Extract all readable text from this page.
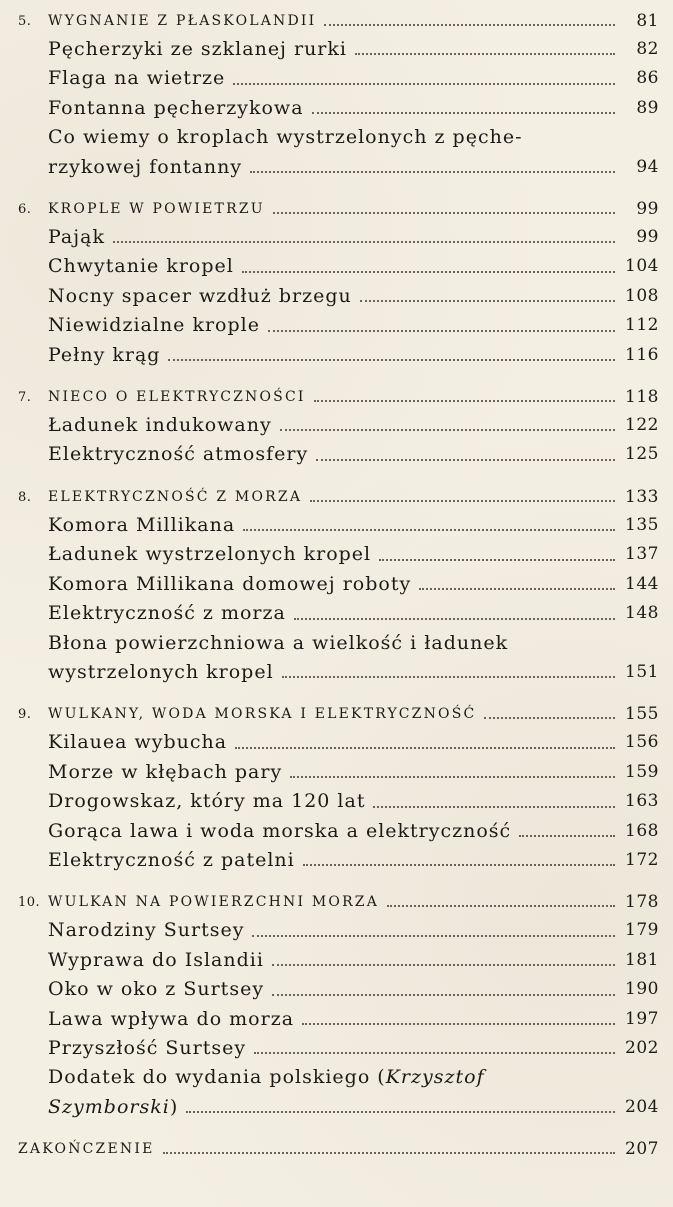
5.	WYGNANIE Z PŁASKOLANDII	81
Pęcherzyki ze szklanej rurki	82
Flaga na wietrze	86
Fontanna pęcherzykowa	89
Co wiemy o kroplach wystrzelonych z pęche-
rzykowej fontanny	94
6.	KROPLE W POWIETRZU	99
Pająk	99
Chwytanie kropel	104
Nocny spacer wzdłuż brzegu	108
Niewidzialne krople	112
Pełny krąg	116
7.	NIECO O ELEKTRYCZNOŚCI	118
Ładunek indukowany	122
Elektryczność atmosfery	125
8.	ELEKTRYCZNOŚĆ Z MORZA	133
Komora Millikana	135
Ładunek wystrzelonych kropel	137
Komora Millikana domowej roboty	144
Elektryczność z morza	148
Błona powierzchniowa a wielkość i ładunek
wystrzelonych kropel	151
9.	WULKANY, WODA MORSKA I ELEKTRYCZNOŚĆ	155
Kilauea wybucha	156
Morze w kłębach pary	159
Drogowskaz, który ma 120 lat	163
Gorąca lawa i woda morska a elektryczność	168
Elektryczność z patelni	172
10. WULKAN NA POWIERZCHNI MORZA	178
Narodziny Surtsey	179
Wyprawa do Islandii	181
Oko w oko z Surtsey	190
Lawa wpływa do morza	197
Przyszłość Surtsey	202
Dodatek do wydania polskiego (Krzysztof
Szymborski)	204
ZAKOŃCZENIE	207
